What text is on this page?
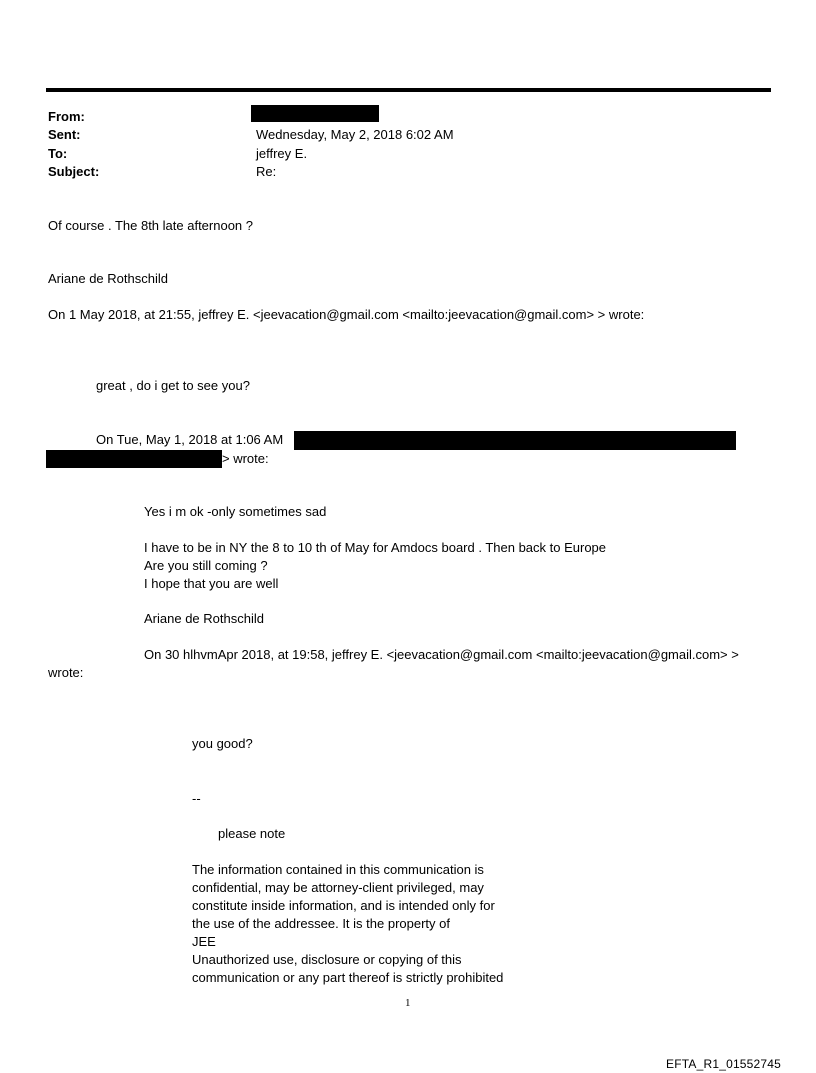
From:
Sent:
To:
Subject:
Wednesday, May 2, 2018 6:02 AM
jeffrey E.
Re:
Of course . The 8th late afternoon ?
Ariane de Rothschild
On 1 May 2018, at 21:55, jeffrey E. <jeevacation@gmail.com <mailto:jeevacation@gmail.com> > wrote:
great , do i get to see you?
On Tue, May 1, 2018 at 1:06 AM
> wrote:
Yes i m ok -only sometimes sad
I have to be in NY the 8 to 10 th of May for Amdocs board . Then back to Europe
Are you still coming ?
I hope that you are well
Ariane de Rothschild
On 30 hlhvmApr 2018, at 19:58, jeffrey E. <jeevacation@gmail.com <mailto:jeevacation@gmail.com> >
wrote:
you good?
--
please note
The information contained in this communication is
confidential, may be attorney-client privileged, may
constitute inside information, and is intended only for
the use of the addressee. It is the property of
JEE
Unauthorized use, disclosure or copying of this
communication or any part thereof is strictly prohibited
1
EFTA_R1_01552745
